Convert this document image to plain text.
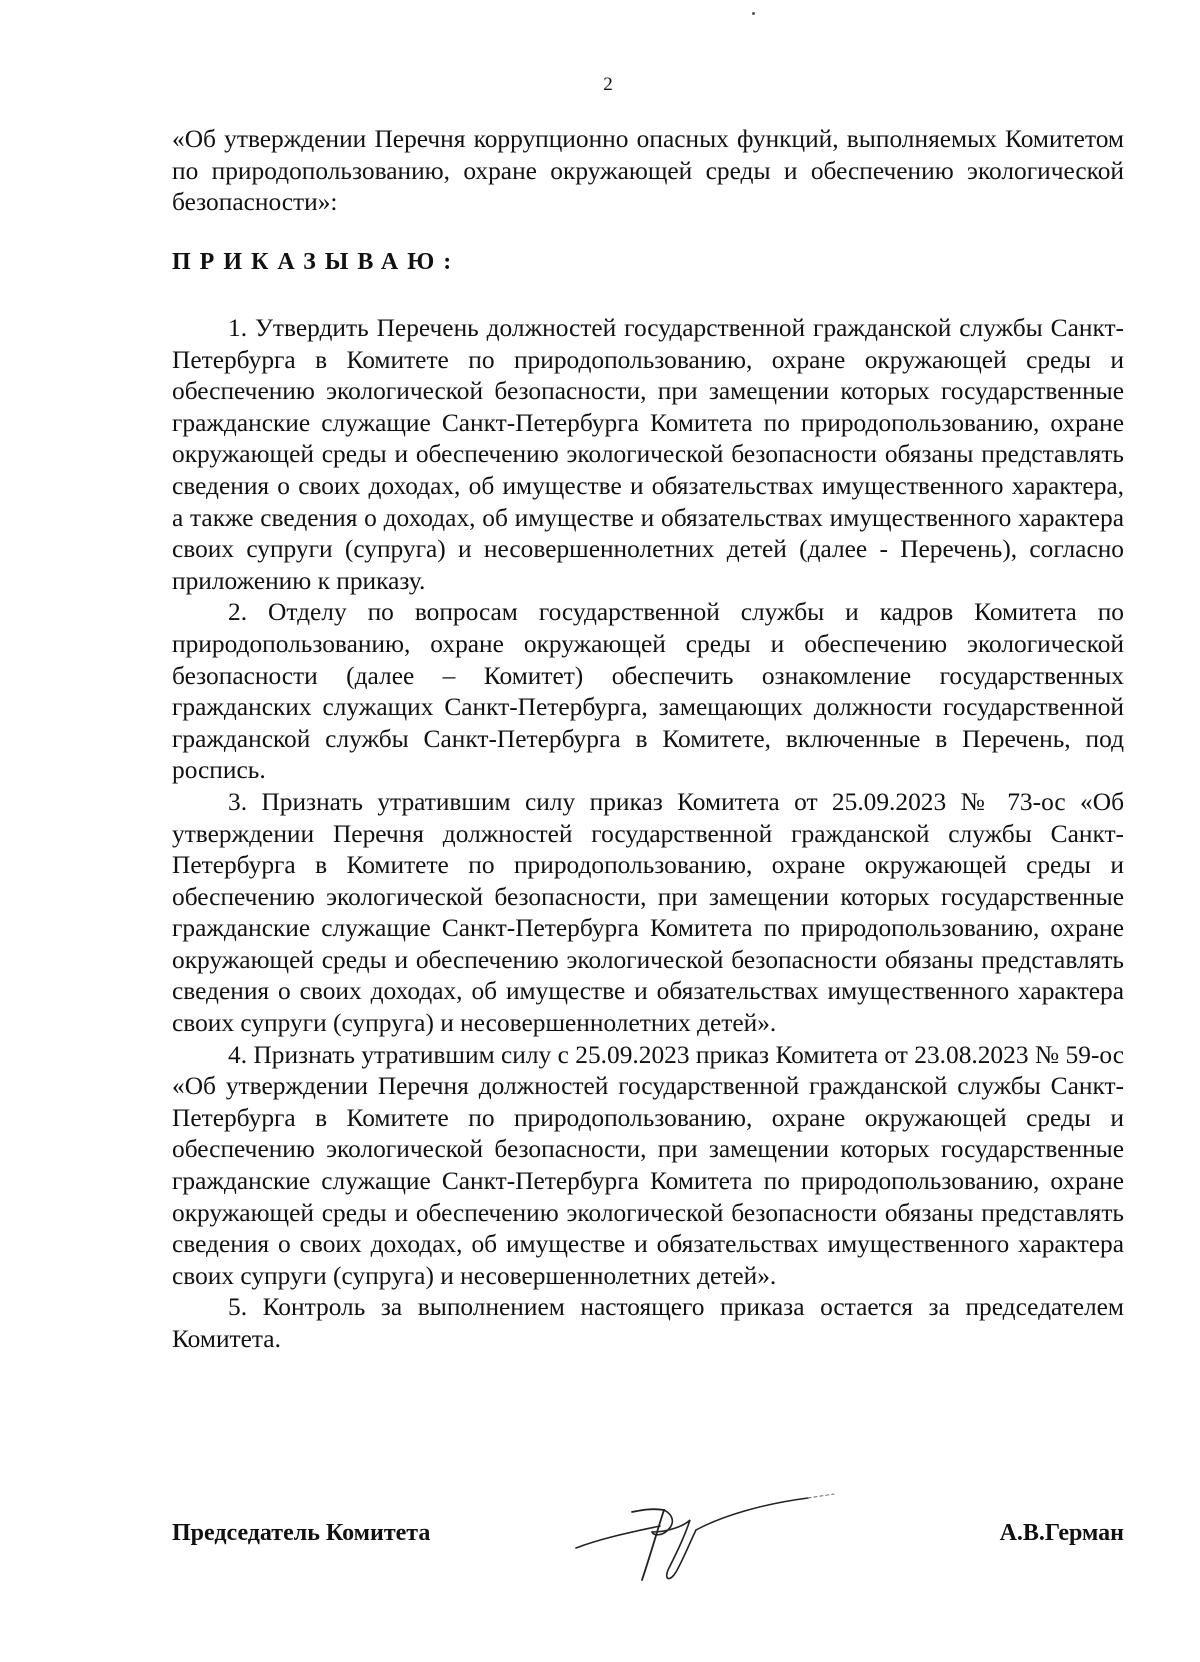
2
«Об утверждении Перечня коррупционно опасных функций, выполняемых Комитетом по природопользованию, охране окружающей среды и обеспечению экологической безопасности»:
ПРИКАЗЫВАЮ:

1. Утвердить Перечень должностей государственной гражданской службы Санкт-Петербурга в Комитете по природопользованию, охране окружающей среды и обеспечению экологической безопасности, при замещении которых государственные гражданские служащие Санкт-Петербурга Комитета по природопользованию, охране окружающей среды и обеспечению экологической безопасности обязаны представлять сведения о своих доходах, об имуществе и обязательствах имущественного характера, а также сведения о доходах, об имуществе и обязательствах имущественного характера своих супруги (супруга) и несовершеннолетних детей (далее - Перечень), согласно приложению к приказу.

2. Отделу по вопросам государственной службы и кадров Комитета по природопользованию, охране окружающей среды и обеспечению экологической безопасности (далее – Комитет) обеспечить ознакомление государственных гражданских служащих Санкт-Петербурга, замещающих должности государственной гражданской службы Санкт-Петербурга в Комитете, включенные в Перечень, под роспись.

3. Признать утратившим силу приказ Комитета от 25.09.2023 № 73-ос «Об утверждении Перечня должностей государственной гражданской службы Санкт-Петербурга в Комитете по природопользованию, охране окружающей среды и обеспечению экологической безопасности, при замещении которых государственные гражданские служащие Санкт-Петербурга Комитета по природопользованию, охране окружающей среды и обеспечению экологической безопасности обязаны представлять сведения о своих доходах, об имуществе и обязательствах имущественного характера своих супруги (супруга) и несовершеннолетних детей».

4. Признать утратившим силу с 25.09.2023 приказ Комитета от 23.08.2023 № 59-ос «Об утверждении Перечня должностей государственной гражданской службы Санкт-Петербурга в Комитете по природопользованию, охране окружающей среды и обеспечению экологической безопасности, при замещении которых государственные гражданские служащие Санкт-Петербурга Комитета по природопользованию, охране окружающей среды и обеспечению экологической безопасности обязаны представлять сведения о своих доходах, об имуществе и обязательствах имущественного характера своих супруги (супруга) и несовершеннолетних детей».

5. Контроль за выполнением настоящего приказа остается за председателем Комитета.

Председатель Комитета	А.В.Герман
